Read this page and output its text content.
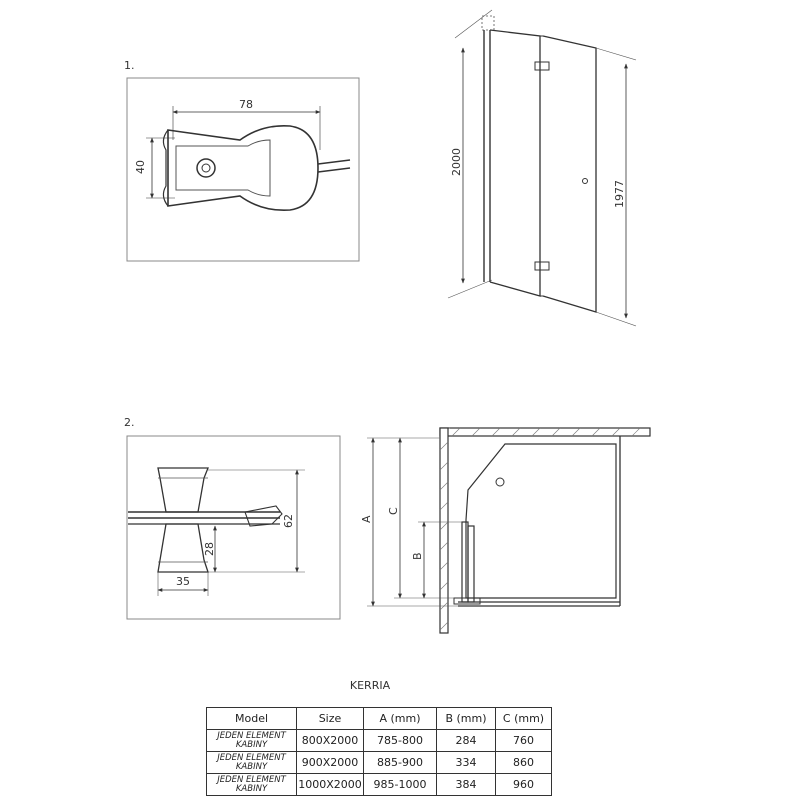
1.
78
40	2000
1977
2.
62
28
35
A
C
B
KERRIA
Model	Size	A (mm)	B (mm)	C (mm)
JEDEN ELEMENT KABINY	800X2000	785-800	284	760
JEDEN ELEMENT KABINY	900X2000	885-900	334	860
JEDEN ELEMENT KABINY	1000X2000	985-1000	384	960
